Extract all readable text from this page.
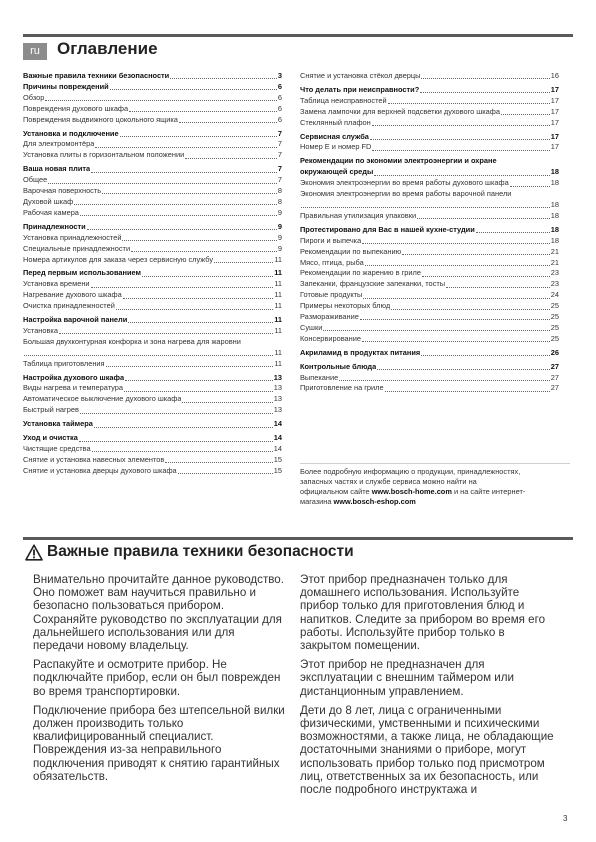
ru	Оглавление
Важные правила техники безопасности	3
Причины повреждений	6
Обзор	6
Повреждения духового шкафа	6
Повреждения выдвижного цокольного ящика	6
Установка и подключение	7
Для электромонтёра	7
Установка плиты в горизонтальном положении	7
Ваша новая плита	7
Общее	7
Варочная поверхность	8
Духовой шкаф	8
Рабочая камера	9
Принадлежности	9
Установка принадлежностей	9
Специальные принадлежности	9
Номера артикулов для заказа через сервисную службу	11
Перед первым использованием	11
Установка времени	11
Нагревание духового шкафа	11
Очистка принадлежностей	11
Настройка варочной панели	11
Установка	11
Большая двухконтурная конфорка и зона нагрева для жаровни
11
Таблица приготовления	11
Настройка духового шкафа	13
Виды нагрева и температура	13
Автоматическое выключение духового шкафа	13
Быстрый нагрев	13
Установка таймера	14
Уход и очистка	14
Чистящие средства	14
Снятие и установка навесных элементов	15
Снятие и установка дверцы духового шкафа	15
Снятие и установка стёкол дверцы	16
Что делать при неисправности?	17
Таблица неисправностей	17
Замена лампочки для верхней подсветки духового шкафа	17
Стеклянный плафон	17
Сервисная служба	17
Номер E и номер FD	17
Рекомендации по экономии электроэнергии и охране
окружающей среды	18
Экономия электроэнергии во время работы духового шкафа	18
Экономия электроэнергии во время работы варочной панели
18
Правильная утилизация упаковки	18
Протестировано для Вас в нашей кухне-студии	18
Пироги и выпечка	18
Рекомендации по выпеканию	21
Мясо, птица, рыба	21
Рекомендации по жарению в гриле	23
Запеканки, французские запеканки, тосты	23
Готовые продукты	24
Примеры некоторых блюд	25
Размораживание	25
Сушки	25
Консервирование	25
Акриламид в продуктах питания	26
Контрольные блюда	27
Выпекание	27
Приготовление на гриле	27
Более подробную информацию о продукции, принадлежностях,
запасных частях и службе сервиса можно найти на
официальном сайте www.bosch-home.com и на сайте интернет-
магазина www.bosch-eshop.com
Важные правила техники безопасности

Внимательно прочитайте данное руководство. Оно поможет вам научиться правильно и безопасно пользоваться прибором. Сохраняйте руководство по эксплуатации для дальнейшего использования или для передачи новому владельцу.

Распакуйте и осмотрите прибор. Не подключайте прибор, если он был поврежден во время транспортировки.

Подключение прибора без штепсельной вилки должен производить только квалифицированный специалист. Повреждения из-за неправильного подключения приводят к снятию гарантийных обязательств.

Этот прибор предназначен только для домашнего использования. Используйте прибор только для приготовления блюд и напитков. Следите за прибором во время его работы. Используйте прибор только в закрытом помещении.

Этот прибор не предназначен для эксплуатации с внешним таймером или дистанционным управлением.

Дети до 8 лет, лица с ограниченными физическими, умственными и психическими возможностями, а также лица, не обладающие достаточными знаниями о приборе, могут использовать прибор только под присмотром лиц, ответственных за их безопасность, или после подробного инструктажа и

3
